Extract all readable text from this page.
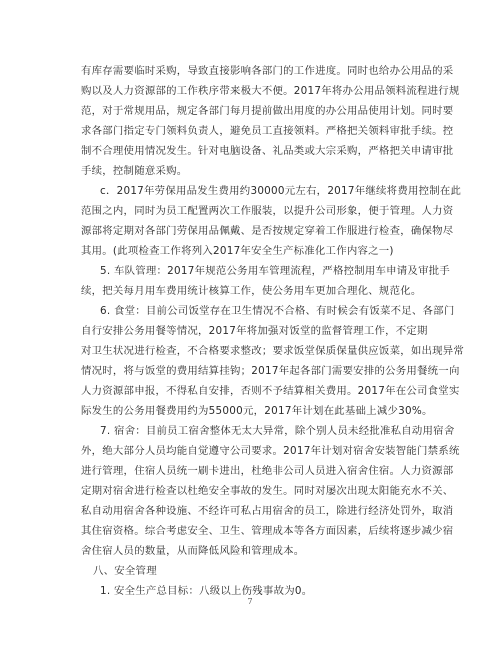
有库存需要临时采购，导致直接影响各部门的工作进度。同时也给办公用品的采
购以及人力资源部的工作秩序带来极大不便。2017年将办公用品领料流程进行规
范，对于常规用品，规定各部门每月提前做出用度的办公用品使用计划。同时要
求各部门指定专门领料负责人，避免员工直接领料。严格把关领料审批手续。控
制不合理使用情况发生。针对电脑设备、礼品类或大宗采购，严格把关申请审批
手续，控制随意采购。
c．2017年劳保用品发生费用约30000元左右，2017年继续将费用控制在此
范围之内，同时为员工配置两次工作服装，以提升公司形象，便于管理。人力资
源部将定期对各部门劳保用品佩戴、是否按规定穿着工作服进行检查，确保物尽
其用。(此项检查工作将列入2017年安全生产标准化工作内容之一)
5. 车队管理：2017年规范公务用车管理流程，严格控制用车申请及审批手
续，把关每月用车费用统计核算工作，使公务用车更加合理化、规范化。
6. 食堂：目前公司饭堂存在卫生情况不合格、有时候会有饭菜不足、各部门
自行安排公务用餐等情况，2017年将加强对饭堂的监督管理工作，不定期
对卫生状况进行检查，不合格要求整改；要求饭堂保质保量供应饭菜，如出现异常
情况时，将与饭堂的费用结算挂钩；2017年起各部门需要安排的公务用餐统一向
人力资源部申报，不得私自安排，否则不予结算相关费用。2017年在公司食堂实
际发生的公务用餐费用约为55000元，2017年计划在此基础上减少30%。
7. 宿舍：目前员工宿舍整体无太大异常，除个别人员未经批准私自动用宿舍
外，绝大部分人员均能自觉遵守公司要求。2017年计划对宿舍安装智能门禁系统
进行管理，住宿人员统一刷卡进出，杜绝非公司人员进入宿舍住宿。人力资源部
定期对宿舍进行检查以杜绝安全事故的发生。同时对屡次出现太阳能充水不关、
私自动用宿舍各种设施、不经许可私占用宿舍的员工，除进行经济处罚外，取消
其住宿资格。综合考虑安全、卫生、管理成本等各方面因素，后续将逐步减少宿
舍住宿人员的数量，从而降低风险和管理成本。
八、安全管理
1. 安全生产总目标：八级以上伤残事故为0。
7
